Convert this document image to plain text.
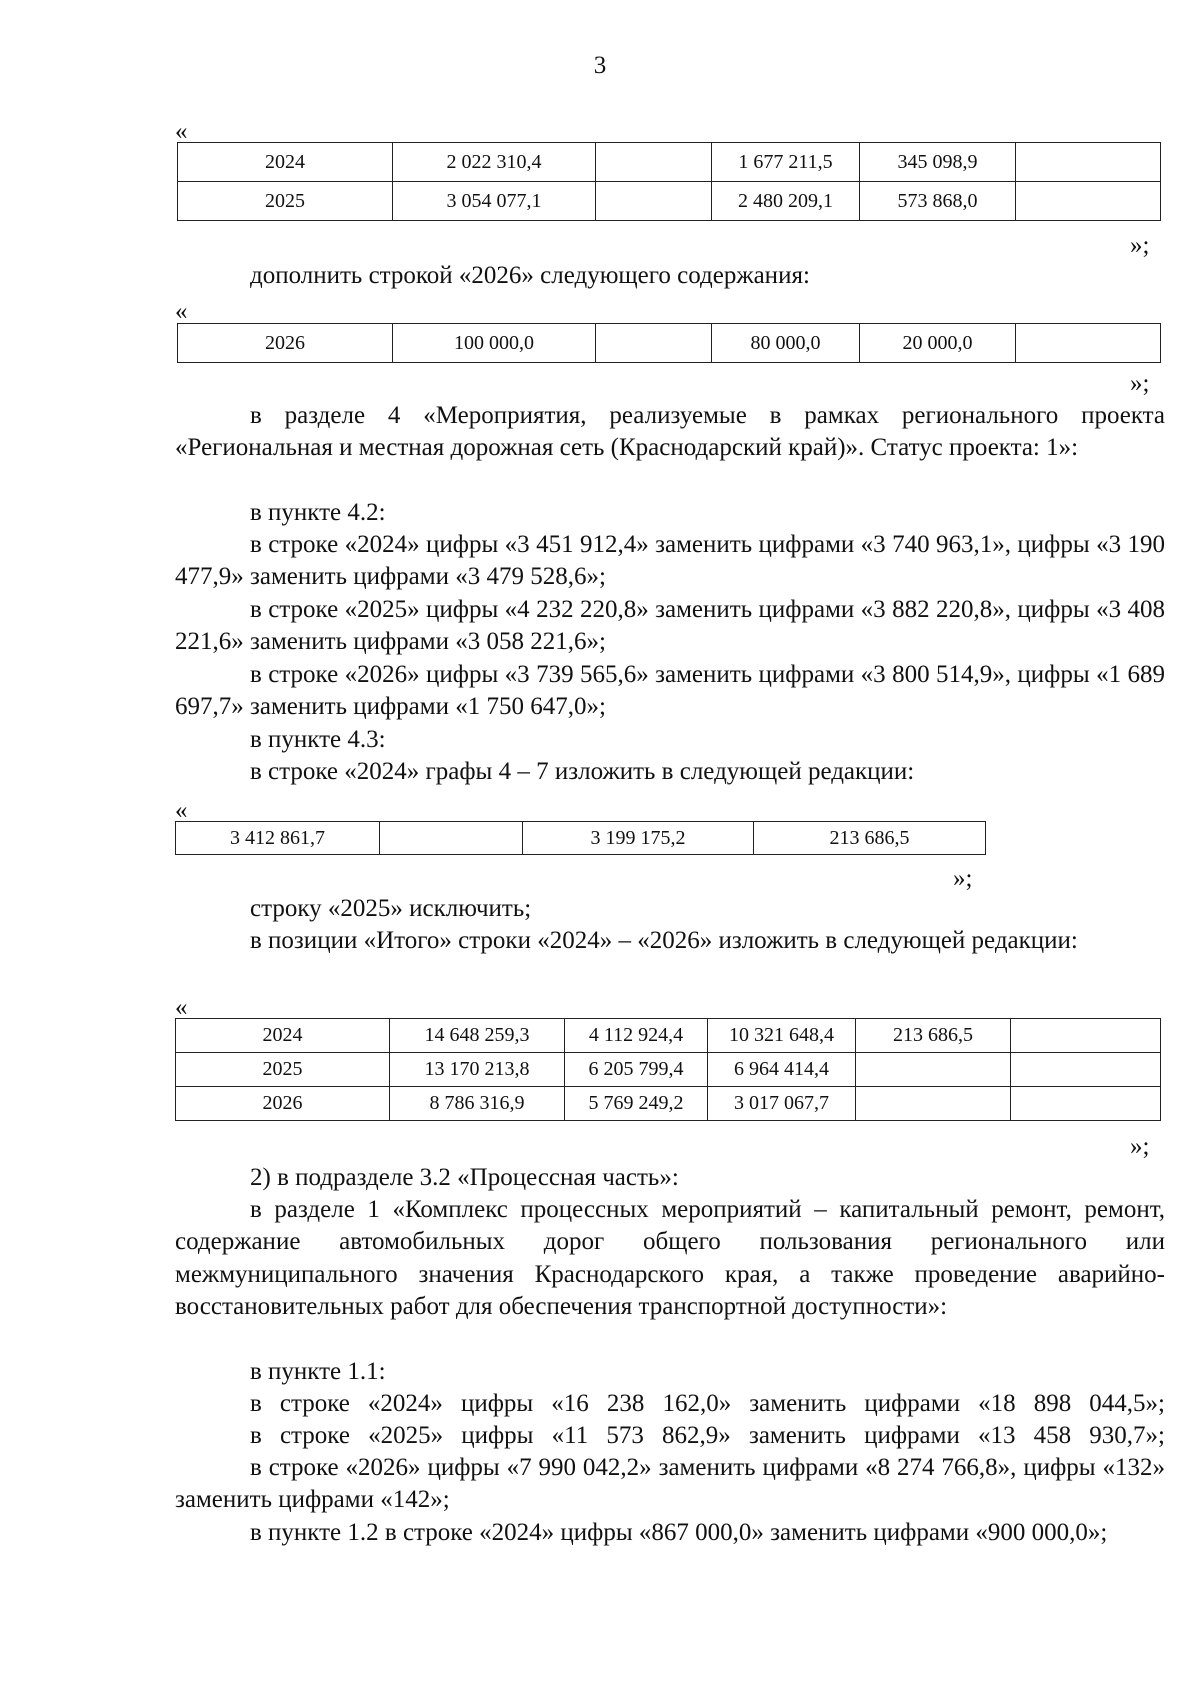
3
«
2024	2 022 310,4		1 677 211,5	345 098,9	
2025	3 054 077,1		2 480 209,1	573 868,0	
»;

дополнить строкой «2026» следующего содержания:

«
2026	100 000,0		80 000,0	20 000,0	
»;

в разделе 4 «Мероприятия, реализуемые в рамках регионального проекта «Региональная и местная дорожная сеть (Краснодарский край)». Статус проекта: 1»:

в пункте 4.2:

в строке «2024» цифры «3 451 912,4» заменить цифрами «3 740 963,1», цифры «3 190 477,9» заменить цифрами «3 479 528,6»;

в строке «2025» цифры «4 232 220,8» заменить цифрами «3 882 220,8», цифры «3 408 221,6» заменить цифрами «3 058 221,6»;

в строке «2026» цифры «3 739 565,6» заменить цифрами «3 800 514,9», цифры «1 689 697,7» заменить цифрами «1 750 647,0»;

в пункте 4.3:

в строке «2024» графы 4 – 7 изложить в следующей редакции:

«
3 412 861,7		3 199 175,2	213 686,5
»;

строку «2025» исключить;

в позиции «Итого» строки «2024» – «2026» изложить в следующей редакции:

«
2024	14 648 259,3	4 112 924,4	10 321 648,4	213 686,5	
2025	13 170 213,8	6 205 799,4	6 964 414,4		
2026	8 786 316,9	5 769 249,2	3 017 067,7		
»;

2) в подразделе 3.2 «Процессная часть»:

в разделе 1 «Комплекс процессных мероприятий – капитальный ремонт, ремонт, содержание автомобильных дорог общего пользования регионального или межмуниципального значения Краснодарского края, а также проведение аварийно-восстановительных работ для обеспечения транспортной доступности»:

в пункте 1.1:

в строке «2024» цифры «16 238 162,0» заменить цифрами «18 898 044,5»;

в строке «2025» цифры «11 573 862,9» заменить цифрами «13 458 930,7»;

в строке «2026» цифры «7 990 042,2» заменить цифрами «8 274 766,8», цифры «132» заменить цифрами «142»;

в пункте 1.2 в строке «2024» цифры «867 000,0» заменить цифрами «900 000,0»;
